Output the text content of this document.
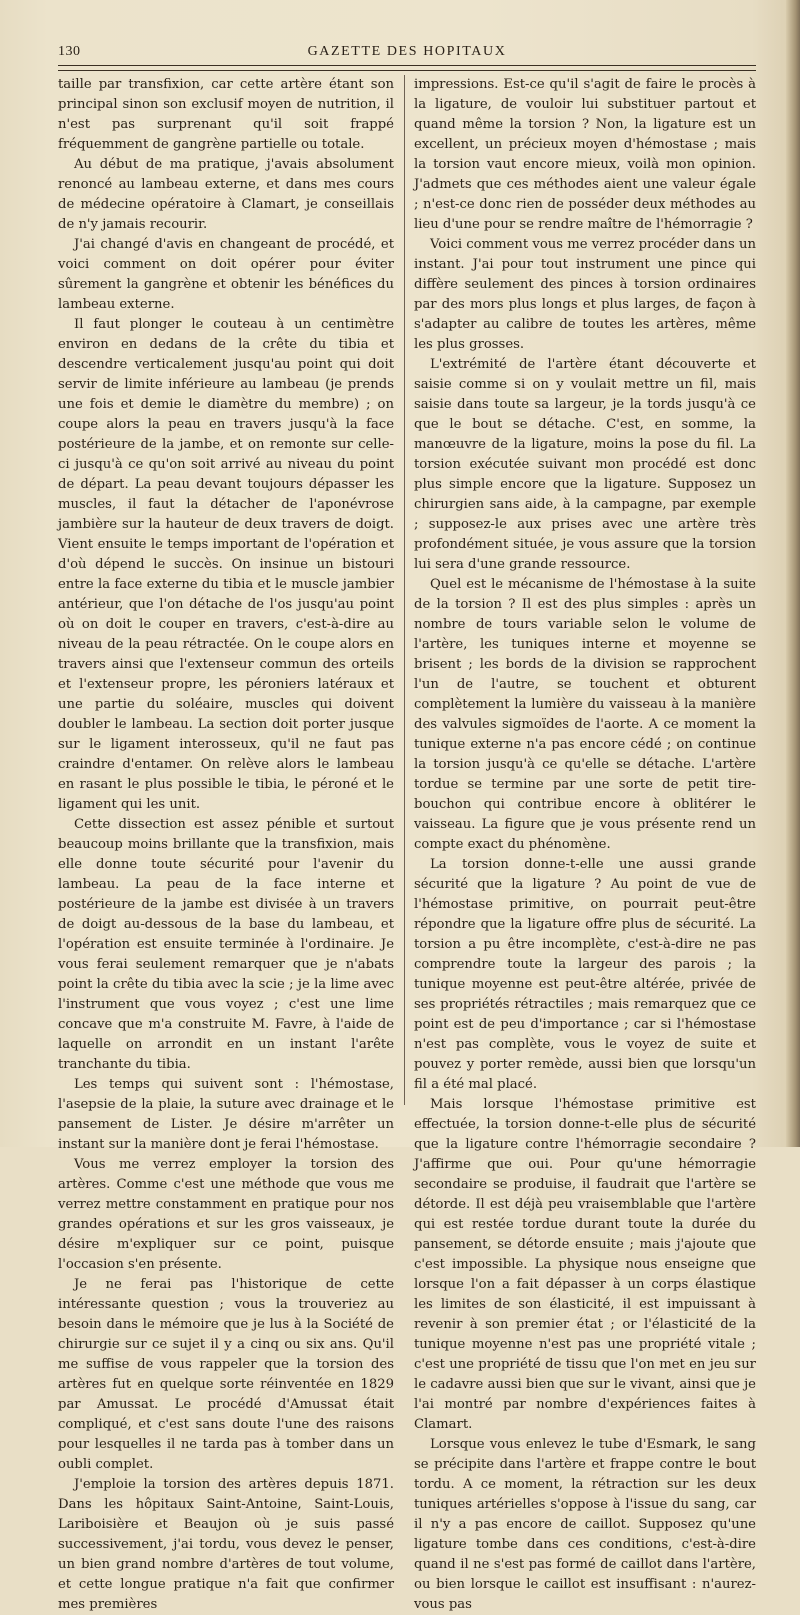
130	GAZETTE DES HOPITAUX

taille par transfixion, car cette artère étant son principal sinon son exclusif moyen de nutrition, il n'est pas surprenant qu'il soit frappé fréquemment de gangrène partielle ou totale.

Au début de ma pratique, j'avais absolument renoncé au lambeau externe, et dans mes cours de médecine opératoire à Clamart, je conseillais de n'y jamais recourir.

J'ai changé d'avis en changeant de procédé, et voici comment on doit opérer pour éviter sûrement la gangrène et obtenir les bénéfices du lambeau externe.

Il faut plonger le couteau à un centimètre environ en dedans de la crête du tibia et descendre verticalement jusqu'au point qui doit servir de limite inférieure au lambeau (je prends une fois et demie le diamètre du membre) ; on coupe alors la peau en travers jusqu'à la face postérieure de la jambe, et on remonte sur celle-ci jusqu'à ce qu'on soit arrivé au niveau du point de départ. La peau devant toujours dépasser les muscles, il faut la détacher de l'aponévrose jambière sur la hauteur de deux travers de doigt. Vient ensuite le temps important de l'opération et d'où dépend le succès. On insinue un bistouri entre la face externe du tibia et le muscle jambier antérieur, que l'on détache de l'os jusqu'au point où on doit le couper en travers, c'est-à-dire au niveau de la peau rétractée. On le coupe alors en travers ainsi que l'extenseur commun des orteils et l'extenseur propre, les péroniers latéraux et une partie du soléaire, muscles qui doivent doubler le lambeau. La section doit porter jusque sur le ligament interosseux, qu'il ne faut pas craindre d'entamer. On relève alors le lambeau en rasant le plus possible le tibia, le péroné et le ligament qui les unit.

Cette dissection est assez pénible et surtout beaucoup moins brillante que la transfixion, mais elle donne toute sécurité pour l'avenir du lambeau. La peau de la face interne et postérieure de la jambe est divisée à un travers de doigt au-dessous de la base du lambeau, et l'opération est ensuite terminée à l'ordinaire. Je vous ferai seulement remarquer que je n'abats point la crête du tibia avec la scie ; je la lime avec l'instrument que vous voyez ; c'est une lime concave que m'a construite M. Favre, à l'aide de laquelle on arrondit en un instant l'arête tranchante du tibia.

Les temps qui suivent sont : l'hémostase, l'asepsie de la plaie, la suture avec drainage et le pansement de Lister. Je désire m'arrêter un instant sur la manière dont je ferai l'hémostase.

Vous me verrez employer la torsion des artères. Comme c'est une méthode que vous me verrez mettre constamment en pratique pour nos grandes opérations et sur les gros vaisseaux, je désire m'expliquer sur ce point, puisque l'occasion s'en présente.

Je ne ferai pas l'historique de cette intéressante question ; vous la trouveriez au besoin dans le mémoire que je lus à la Société de chirurgie sur ce sujet il y a cinq ou six ans. Qu'il me suffise de vous rappeler que la torsion des artères fut en quelque sorte réinventée en 1829 par Amussat. Le procédé d'Amussat était compliqué, et c'est sans doute l'une des raisons pour lesquelles il ne tarda pas à tomber dans un oubli complet.

J'emploie la torsion des artères depuis 1871. Dans les hôpitaux Saint-Antoine, Saint-Louis, Lariboisière et Beaujon où je suis passé successivement, j'ai tordu, vous devez le penser, un bien grand nombre d'artères de tout volume, et cette longue pratique n'a fait que confirmer mes premières

impressions. Est-ce qu'il s'agit de faire le procès à la ligature, de vouloir lui substituer partout et quand même la torsion ? Non, la ligature est un excellent, un précieux moyen d'hémostase ; mais la torsion vaut encore mieux, voilà mon opinion. J'admets que ces méthodes aient une valeur égale ; n'est-ce donc rien de posséder deux méthodes au lieu d'une pour se rendre maître de l'hémorragie ?

Voici comment vous me verrez procéder dans un instant. J'ai pour tout instrument une pince qui diffère seulement des pinces à torsion ordinaires par des mors plus longs et plus larges, de façon à s'adapter au calibre de toutes les artères, même les plus grosses.

L'extrémité de l'artère étant découverte et saisie comme si on y voulait mettre un fil, mais saisie dans toute sa largeur, je la tords jusqu'à ce que le bout se détache. C'est, en somme, la manœuvre de la ligature, moins la pose du fil. La torsion exécutée suivant mon procédé est donc plus simple encore que la ligature. Supposez un chirurgien sans aide, à la campagne, par exemple ; supposez-le aux prises avec une artère très profondément située, je vous assure que la torsion lui sera d'une grande ressource.

Quel est le mécanisme de l'hémostase à la suite de la torsion ? Il est des plus simples : après un nombre de tours variable selon le volume de l'artère, les tuniques interne et moyenne se brisent ; les bords de la division se rapprochent l'un de l'autre, se touchent et obturent complètement la lumière du vaisseau à la manière des valvules sigmoïdes de l'aorte. A ce moment la tunique externe n'a pas encore cédé ; on continue la torsion jusqu'à ce qu'elle se détache. L'artère tordue se termine par une sorte de petit tire-bouchon qui contribue encore à oblitérer le vaisseau. La figure que je vous présente rend un compte exact du phénomène.

La torsion donne-t-elle une aussi grande sécurité que la ligature ? Au point de vue de l'hémostase primitive, on pourrait peut-être répondre que la ligature offre plus de sécurité. La torsion a pu être incomplète, c'est-à-dire ne pas comprendre toute la largeur des parois ; la tunique moyenne est peut-être altérée, privée de ses propriétés rétractiles ; mais remarquez que ce point est de peu d'importance ; car si l'hémostase n'est pas complète, vous le voyez de suite et pouvez y porter remède, aussi bien que lorsqu'un fil a été mal placé.

Mais lorsque l'hémostase primitive est effectuée, la torsion donne-t-elle plus de sécurité que la ligature contre l'hémorragie secondaire ? J'affirme que oui. Pour qu'une hémorragie secondaire se produise, il faudrait que l'artère se détorde. Il est déjà peu vraisemblable que l'artère qui est restée tordue durant toute la durée du pansement, se détorde ensuite ; mais j'ajoute que c'est impossible. La physique nous enseigne que lorsque l'on a fait dépasser à un corps élastique les limites de son élasticité, il est impuissant à revenir à son premier état ; or l'élasticité de la tunique moyenne n'est pas une propriété vitale ; c'est une propriété de tissu que l'on met en jeu sur le cadavre aussi bien que sur le vivant, ainsi que je l'ai montré par nombre d'expériences faites à Clamart.

Lorsque vous enlevez le tube d'Esmark, le sang se précipite dans l'artère et frappe contre le bout tordu. A ce moment, la rétraction sur les deux tuniques artérielles s'oppose à l'issue du sang, car il n'y a pas encore de caillot. Supposez qu'une ligature tombe dans ces conditions, c'est-à-dire quand il ne s'est pas formé de caillot dans l'artère, ou bien lorsque le caillot est insuffisant : n'aurez-vous pas
